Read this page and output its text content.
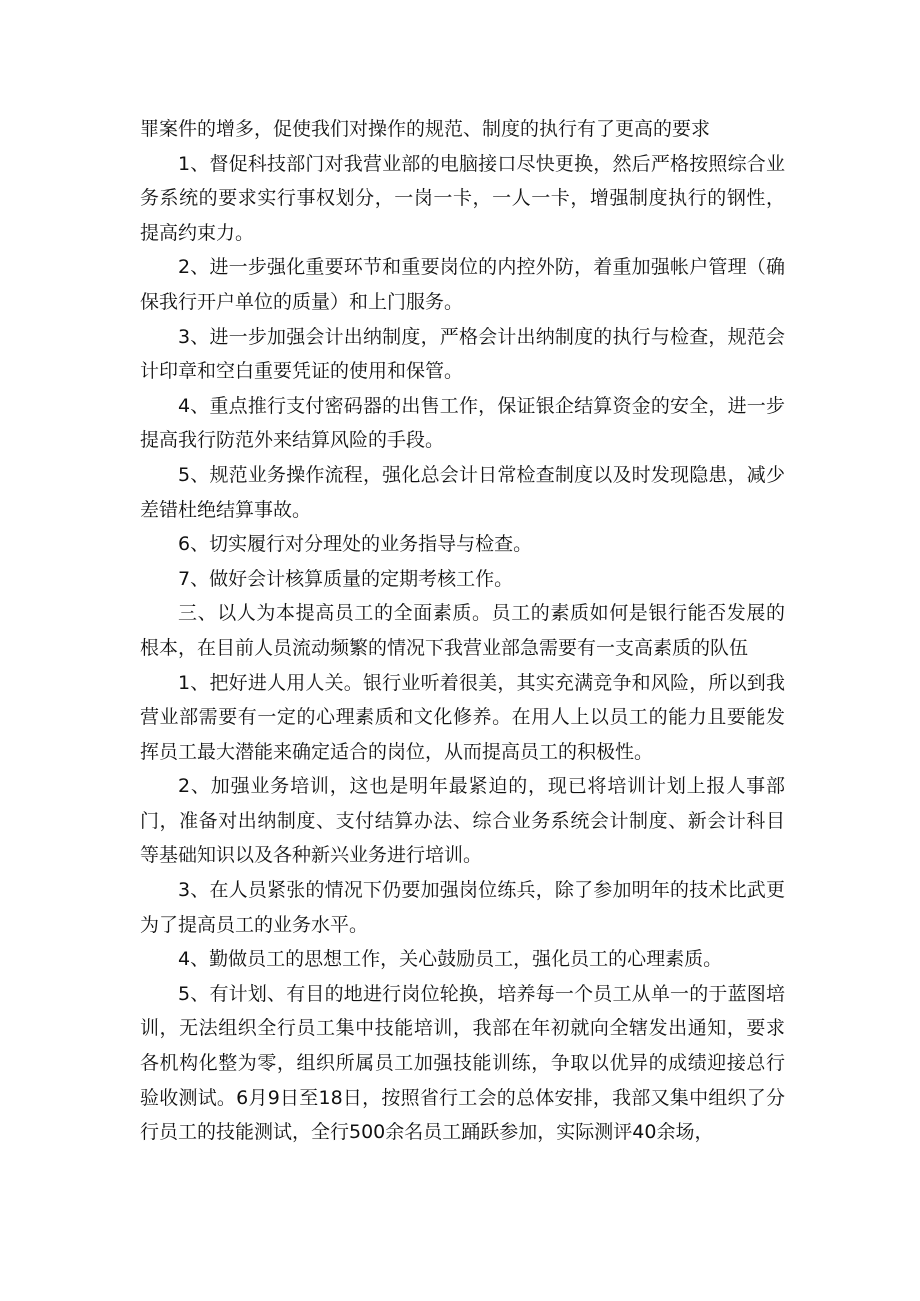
罪案件的增多，促使我们对操作的规范、制度的执行有了更高的要求

1、督促科技部门对我营业部的电脑接口尽快更换，然后严格按照综合业务系统的要求实行事权划分，一岗一卡，一人一卡，增强制度执行的钢性，提高约束力。

2、进一步强化重要环节和重要岗位的内控外防，着重加强帐户管理（确保我行开户单位的质量）和上门服务。

3、进一步加强会计出纳制度，严格会计出纳制度的执行与检查，规范会计印章和空白重要凭证的使用和保管。

4、重点推行支付密码器的出售工作，保证银企结算资金的安全，进一步提高我行防范外来结算风险的手段。

5、规范业务操作流程，强化总会计日常检查制度以及时发现隐患，减少差错杜绝结算事故。

6、切实履行对分理处的业务指导与检查。

7、做好会计核算质量的定期考核工作。

三、以人为本提高员工的全面素质。员工的素质如何是银行能否发展的根本，在目前人员流动频繁的情况下我营业部急需要有一支高素质的队伍

1、把好进人用人关。银行业听着很美，其实充满竞争和风险，所以到我营业部需要有一定的心理素质和文化修养。在用人上以员工的能力且要能发挥员工最大潜能来确定适合的岗位，从而提高员工的积极性。

2、加强业务培训，这也是明年最紧迫的，现已将培训计划上报人事部门，准备对出纳制度、支付结算办法、综合业务系统会计制度、新会计科目等基础知识以及各种新兴业务进行培训。

3、在人员紧张的情况下仍要加强岗位练兵，除了参加明年的技术比武更为了提高员工的业务水平。

4、勤做员工的思想工作，关心鼓励员工，强化员工的心理素质。

5、有计划、有目的地进行岗位轮换，培养每一个员工从单一的于蓝图培训，无法组织全行员工集中技能培训，我部在年初就向全辖发出通知，要求各机构化整为零，组织所属员工加强技能训练，争取以优异的成绩迎接总行验收测试。6月9日至18日，按照省行工会的总体安排，我部又集中组织了分行员工的技能测试，全行500余名员工踊跃参加，实际测评40余场，
